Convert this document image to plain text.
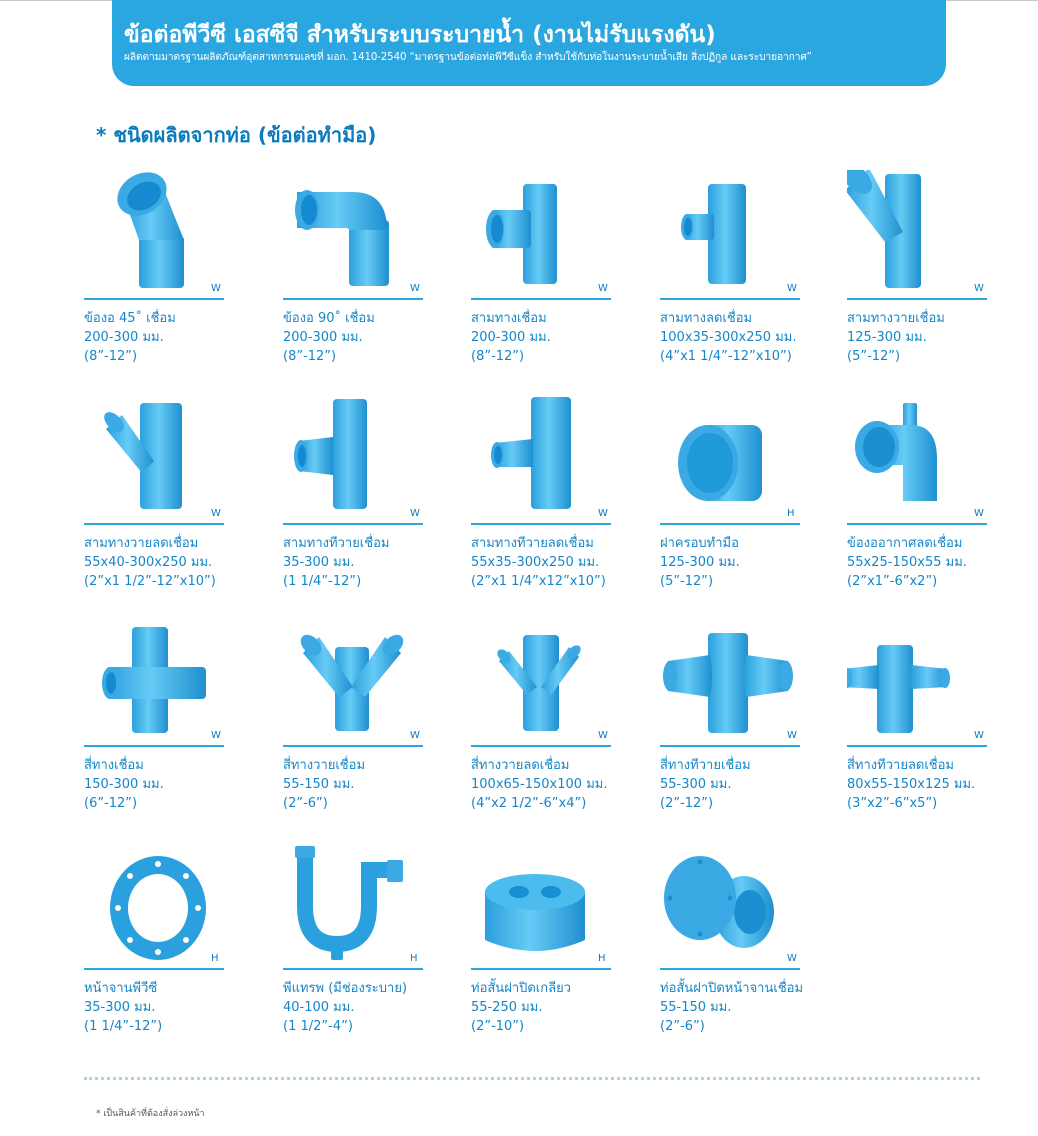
ข้อต่อพีวีซี เอสซีจี สำหรับระบบระบายน้ำ (งานไม่รับแรงดัน)

ผลิตตามมาตรฐานผลิตภัณฑ์อุตสาหกรรมเลขที่ มอก. 1410-2540 “มาตรฐานข้อต่อท่อพีวีซีแข็ง สำหรับใช้กับท่อในงานระบายน้ำเสีย สิ่งปฏิกูล และระบายอากาศ”

* ชนิดผลิตจากท่อ (ข้อต่อทำมือ)
W
ข้องอ 45˚ เชื่อม
200-300 มม.
(8”-12”)
W
ข้องอ 90˚ เชื่อม
200-300 มม.
(8”-12”)
W
สามทางเชื่อม
200-300 มม.
(8”-12”)
W
สามทางลดเชื่อม
100x35-300x250 มม.
(4”x1 1/4”-12”x10”)
W
สามทางวายเชื่อม
125-300 มม.
(5”-12”)
W
สามทางวายลดเชื่อม
55x40-300x250 มม.
(2”x1 1/2”-12”x10”)
W
สามทางทีวายเชื่อม
35-300 มม.
(1 1/4”-12”)
W
สามทางทีวายลดเชื่อม
55x35-300x250 มม.
(2”x1 1/4”x12”x10”)
H
ฝาครอบทำมือ
125-300 มม.
(5”-12”)
W
ข้องออากาศลดเชื่อม
55x25-150x55 มม.
(2”x1”-6”x2”)
W
สี่ทางเชื่อม
150-300 มม.
(6”-12”)
W
สี่ทางวายเชื่อม
55-150 มม.
(2”-6”)
W
สี่ทางวายลดเชื่อม
100x65-150x100 มม.
(4”x2 1/2”-6”x4”)
W
สี่ทางทีวายเชื่อม
55-300 มม.
(2”-12”)
W
สี่ทางทีวายลดเชื่อม
80x55-150x125 มม.
(3”x2”-6”x5”)
H
หน้าจานพีวีซี
35-300 มม.
(1 1/4”-12”)
H
พีแทรพ (มีช่องระบาย)
40-100 มม.
(1 1/2”-4”)
H
ท่อสั้นฝาปิดเกลียว
55-250 มม.
(2”-10”)
W
ท่อสั้นฝาปิดหน้าจานเชื่อม
55-150 มม.
(2”-6”)
* เป็นสินค้าที่ต้องสั่งล่วงหน้า
